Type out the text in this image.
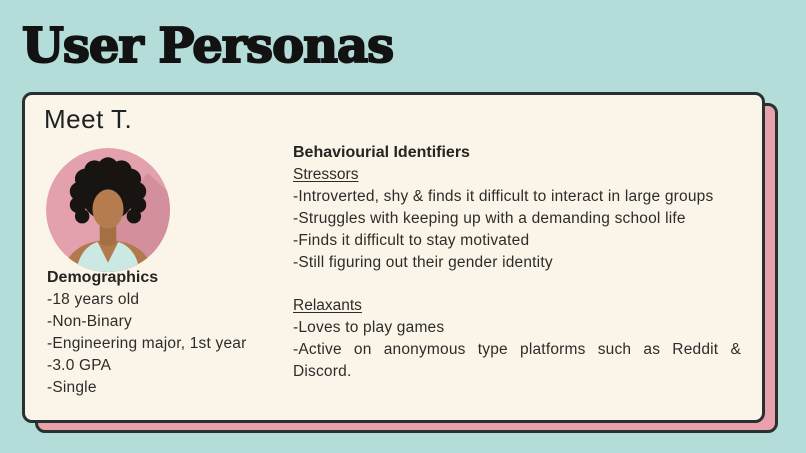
User Personas
Meet T.
Demographics

-18 years old

-Non-Binary

-Engineering major, 1st year

-3.0 GPA

-Single

Behaviourial Identifiers
Stressors

-Introverted, shy & finds it difficult to interact in large groups

-Struggles with keeping up with a demanding school life

-Finds it difficult to stay motivated

-Still figuring out their gender identity

Relaxants

-Loves to play games

-Active on anonymous type platforms such as Reddit & Discord.
